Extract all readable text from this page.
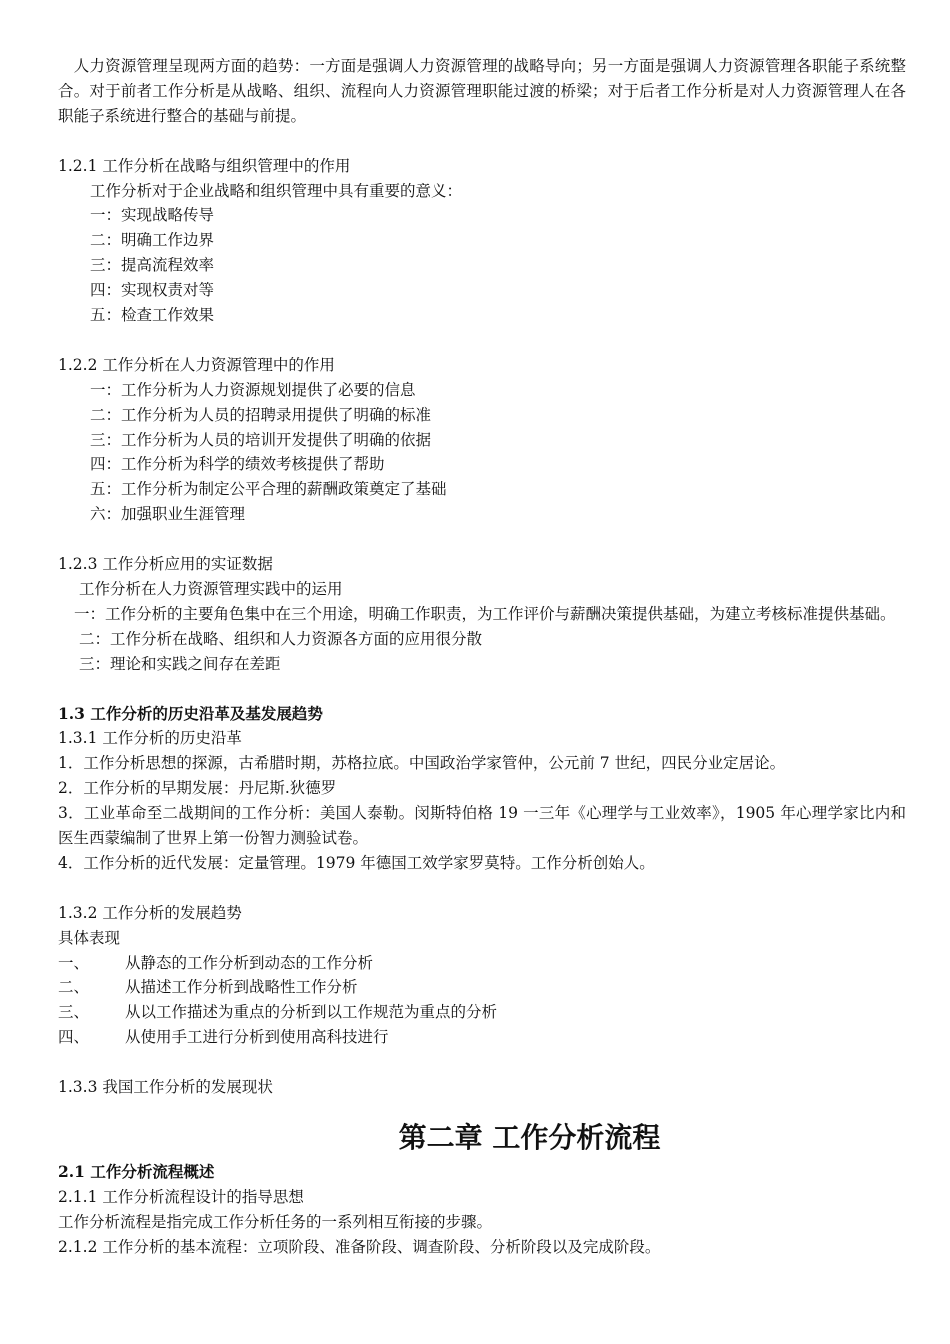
　人力资源管理呈现两方面的趋势：一方面是强调人力资源管理的战略导向；另一方面是强调人力资源管理各职能子系统整合。对于前者工作分析是从战略、组织、流程向人力资源管理职能过渡的桥梁；对于后者工作分析是对人力资源管理人在各职能子系统进行整合的基础与前提。

1.2.1 工作分析在战略与组织管理中的作用

工作分析对于企业战略和组织管理中具有重要的意义：

一：实现战略传导

二：明确工作边界

三：提高流程效率

四：实现权责对等

五：检查工作效果

1.2.2 工作分析在人力资源管理中的作用

一：工作分析为人力资源规划提供了必要的信息

二：工作分析为人员的招聘录用提供了明确的标准

三：工作分析为人员的培训开发提供了明确的依据

四：工作分析为科学的绩效考核提供了帮助

五：工作分析为制定公平合理的薪酬政策奠定了基础

六：加强职业生涯管理

1.2.3 工作分析应用的实证数据

工作分析在人力资源管理实践中的运用

一：工作分析的主要角色集中在三个用途，明确工作职责，为工作评价与薪酬决策提供基础，为建立考核标准提供基础。

二：工作分析在战略、组织和人力资源各方面的应用很分散

三：理论和实践之间存在差距

1.3 工作分析的历史沿革及基发展趋势

1.3.1 工作分析的历史沿革

1．工作分析思想的探源，古希腊时期，苏格拉底。中国政治学家管仲，公元前 7 世纪，四民分业定居论。

2．工作分析的早期发展：丹尼斯.狄德罗

3．工业革命至二战期间的工作分析：美国人泰勒。闵斯特伯格 19 一三年《心理学与工业效率》，1905 年心理学家比内和医生西蒙编制了世界上第一份智力测验试卷。

4．工作分析的近代发展：定量管理。1979 年德国工效学家罗莫特。工作分析创始人。

1.3.2 工作分析的发展趋势

具体表现

一、	从静态的工作分析到动态的工作分析
二、	从描述工作分析到战略性工作分析
三、	从以工作描述为重点的分析到以工作规范为重点的分析
四、	从使用手工进行分析到使用高科技进行

1.3.3 我国工作分析的发展现状

第二章 工作分析流程

2.1 工作分析流程概述

2.1.1 工作分析流程设计的指导思想

工作分析流程是指完成工作分析任务的一系列相互衔接的步骤。

2.1.2 工作分析的基本流程：立项阶段、准备阶段、调查阶段、分析阶段以及完成阶段。
